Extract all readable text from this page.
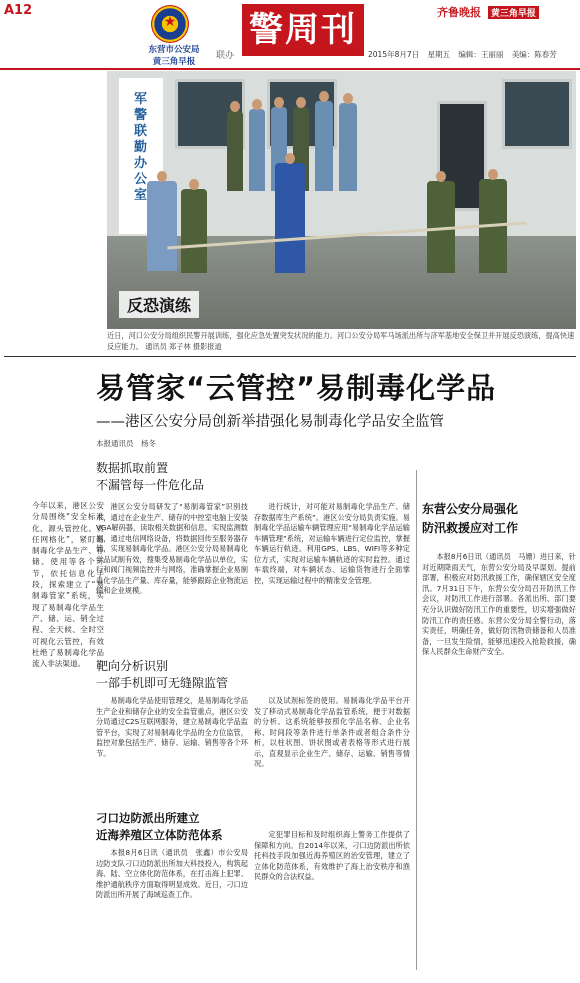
A12
★
东营市公安局
黄三角早报
联办
警周刊	齐鲁晚报 黄三角早报
2015年8月7日 星期五 编辑：王丽丽 美编：陈春芳
军警联勤办公室
反恐演练
近日，河口公安分局组织民警开展训练，强化应急处置突发状况的能力。河口公安分局军马场派出所与济军基地安全保卫并开展反恐演练，提高快速反应能力。 通讯员 郑子林 摄影报道
今年以来，港区公安分局围绕“安全标准化、源头管控化、责任网格化”，紧盯易制毒化学品生产、存储、使用等各个环节，依托信息化手段，探索建立了“易制毒管家”系统，实现了易制毒化学品生产、储、运、销全过程、全天候、全时空可视化云管控，有效杜绝了易制毒化学品流入非法渠道。
易管家“云管控”易制毒化学品
——港区公安分局创新举措强化易制毒化学品安全监管
本报通讯员　杨冬
数据抓取前置
不漏管每一件危化品
港区公安分局研发了“易制毒管家”识别技术，通过在企业生产、储存的中控室电脑上安装VGA解码器，读取相关数据和信息，实现监测数据，通过电信网络设备，将数据回传至服务器存储，实现易制毒化学品。港区公安分局易制毒化学品试制有效，搜集受易制毒化学品以单位，实行和阀门视频监控并与网络，准确掌握企业易制毒化学品生产量、库存量，能够跟踪企业物流运输和企业规模。
进行统计，对可能对易制毒化学品生产、储存数据库生产系统”。港区公安分局负责实施。易制毒化学品运输车辆管理应用“易制毒化学品运输车辆管理”系统，对运输车辆进行定位监控，掌握车辆运行轨迹。利用GPS、LBS、WIFI等多种定位方式，实现对运输车辆轨迹的实时监控。通过车载终端，对车辆状态、运输货物进行全面掌控，实现运输过程中的精准安全管理。
靶向分析识别
一部手机即可无缝隙监管
易制毒化学品使用管理交，是易制毒化学品生产企业和储存企业的安全监管重点，港区公安分局通过C2S互联网服务，建立易制毒化学品监管平台，实现了对易制毒化学品的全方位监管，监控对象包括生产、储存、运输、销售等各个环节。
以及试剂标签的使用。易制毒化学品平台开发了移动式易制毒化学品监管系统，便于对数据的分析。这系统能够按照化学品名称、企业名称、时间段等条件进行单条件或者组合条件分析，以柱状图、饼状图或者表格等形式进行展示，直观显示企业生产、储存、运输、销售等情况。
刁口边防派出所建立
近海养殖区立体防范体系
本报8月6日讯（通讯员　张鑫）市公安局边防支队刁口边防派出所加大科技投入，构筑起海、陆、空立体化防范体系，在打击海上犯罪、维护通航秩序方面取得明显成效。近日，刁口边防派出所开展了海域巡查工作。
定犯罪目标和及时组织海上警务工作提供了保障和方向。自2014年以来，刁口边防派出所依托科技手段加强近海养殖区的治安管理，建立了立体化防范体系，有效维护了海上治安秩序和渔民群众的合法权益。
东营公安分局强化
防汛救援应对工作
本报8月6日讯（通讯员　马姗）进日来，针对近期降雨天气，东营公安分局及早谋划、提前部署，积极应对防汛救援工作，确保辖区安全度汛。7月31日下午，东营公安分局召开防汛工作会议，对防汛工作进行部署。各派出所、部门要充分认识做好防汛工作的重要性，切实增强做好防汛工作的责任感。东营公安分局全警行动，落实责任，明确任务，做好防汛物资储备和人员准备，一旦发生险情，能够迅速投入抢险救援，确保人民群众生命财产安全。
